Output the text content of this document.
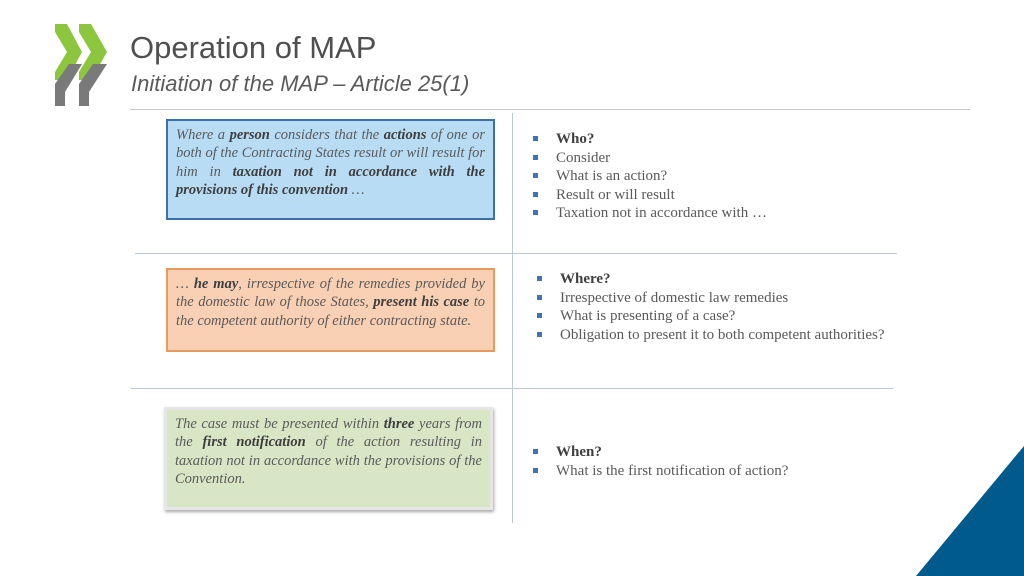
Operation of MAP
Initiation of the MAP – Article 25(1)
Where a person considers that the actions of one or both of the Contracting States result or will result for him in taxation not in accordance with the provisions of this convention …
… he may, irrespective of the remedies provided by the domestic law of those States, present his case to the competent authority of either contracting state.
The case must be presented within three years from the first notification of the action resulting in taxation not in accordance with the provisions of the Convention.
Who?
Consider
What is an action?
Result or will result
Taxation not in accordance with …
Where?
Irrespective of domestic law remedies
What is presenting of a case?
Obligation to present it to both competent authorities?
When?
What is the first notification of action?
